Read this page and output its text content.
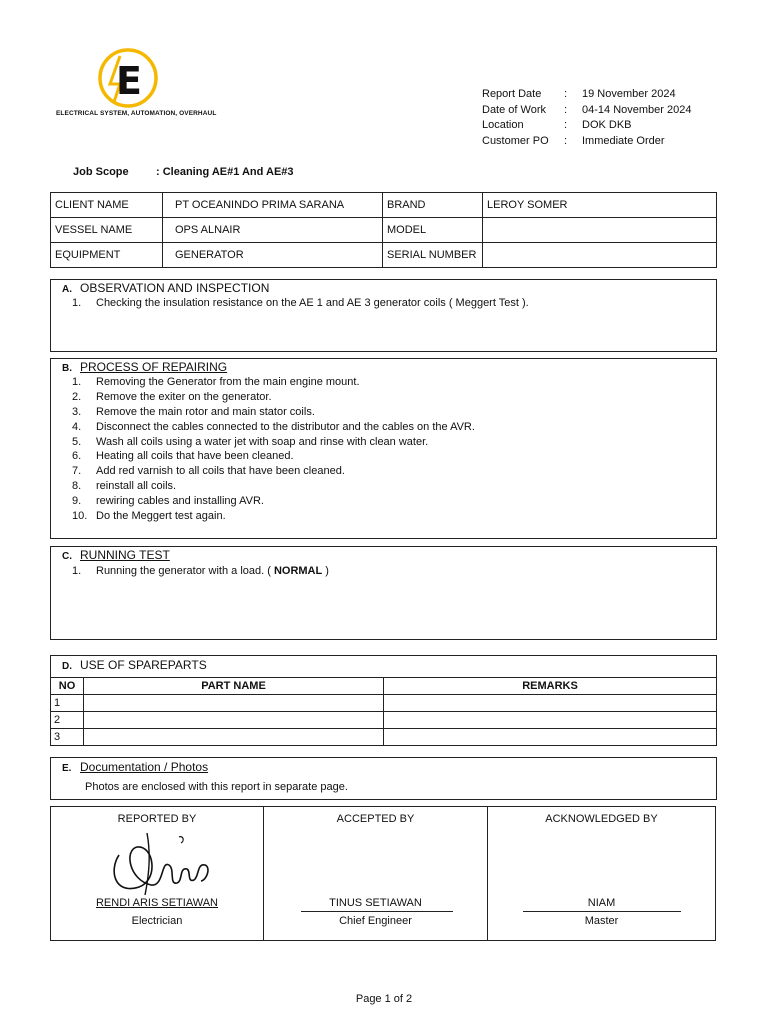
E
ELECTRICAL SYSTEM, AUTOMATION, OVERHAUL
Report Date : 19 November 2024
Date of Work : 04-14 November 2024
Location	: DOK DKB
Customer PO : Immediate Order
Job Scope : Cleaning AE#1 And AE#3
CLIENT NAME	PT OCEANINDO PRIMA SARANA	BRAND	LEROY SOMER
VESSEL NAME	OPS ALNAIR	MODEL	
EQUIPMENT	GENERATOR	SERIAL NUMBER	
A. OBSERVATION AND INSPECTION
1. Checking the insulation resistance on the AE 1 and AE 3 generator coils ( Meggert Test ).
B. PROCESS OF REPAIRING
1. Removing the Generator from the main engine mount.
2. Remove the exiter on the generator.
3. Remove the main rotor and main stator coils.
4. Disconnect the cables connected to the distributor and the cables on the AVR.
5. Wash all coils using a water jet with soap and rinse with clean water.
6. Heating all coils that have been cleaned.
7. Add red varnish to all coils that have been cleaned.
8. reinstall all coils.
9. rewiring cables and installing AVR.
10. Do the Meggert test again.
C. RUNNING TEST
1. Running the generator with a load. ( NORMAL )
D. USE OF SPAREPARTS
NO	PART NAME	REMARKS
1		
2		
3		
E. Documentation / Photos
Photos are enclosed with this report in separate page.
REPORTED BY
RENDI ARIS SETIAWAN
Electrician
ACCEPTED BY
TINUS SETIAWAN
Chief Engineer
ACKNOWLEDGED BY
NIAM
Master
Page 1 of 2
